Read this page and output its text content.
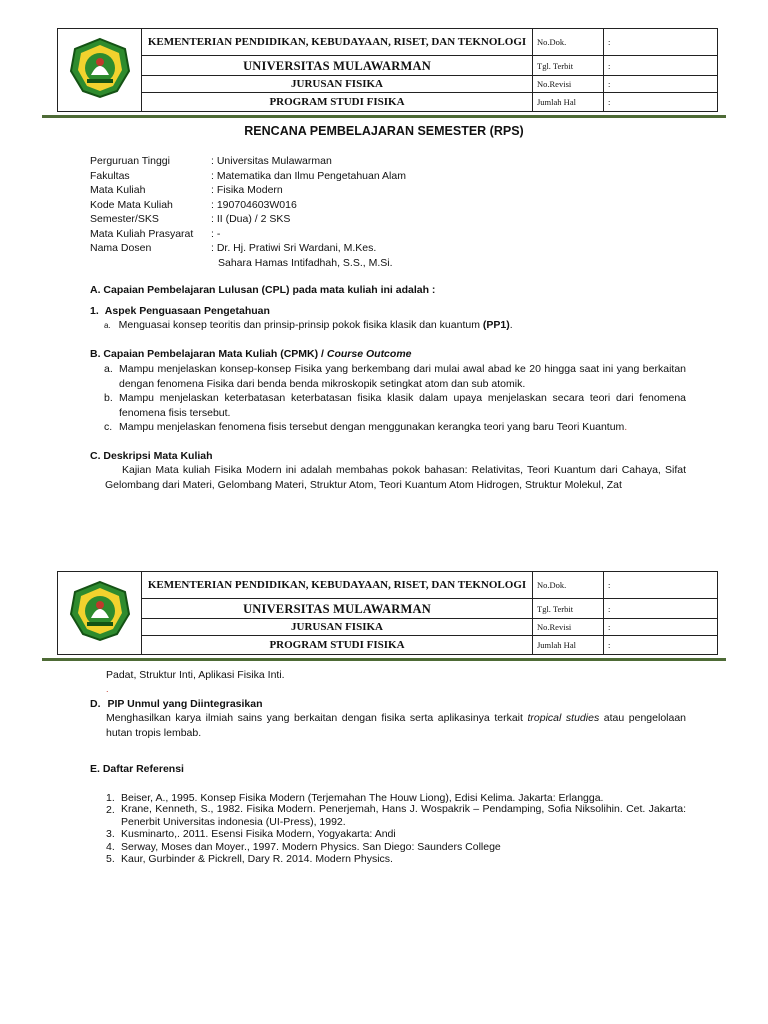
	KEMENTERIAN PENDIDIKAN, KEBUDAYAAN, RISET, DAN TEKNOLOGI	No.Dok.	:
	UNIVERSITAS MULAWARMAN	Tgl. Terbit	:
	JURUSAN FISIKA	No.Revisi	:
	PROGRAM STUDI FISIKA	Jumlah Hal	:
RENCANA PEMBELAJARAN SEMESTER (RPS)
Perguruan Tinggi	: Universitas Mulawarman
Fakultas	: Matematika dan Ilmu Pengetahuan Alam
Mata Kuliah	: Fisika Modern
Kode Mata Kuliah	: 190704603W016
Semester/SKS	: II (Dua) / 2 SKS
Mata Kuliah Prasyarat : -
Nama Dosen	: Dr. Hj. Pratiwi Sri Wardani, M.Kes.
Sahara Hamas Intifadhah, S.S., M.Si.
A. Capaian Pembelajaran Lulusan (CPL) pada mata kuliah ini adalah :
1. Aspek Penguasaan Pengetahuan
a. Menguasai konsep teoritis dan prinsip-prinsip pokok fisika klasik dan kuantum (PP1).
B. Capaian Pembelajaran Mata Kuliah (CPMK) / Course Outcome
a. Mampu menjelaskan konsep-konsep Fisika yang berkembang dari mulai awal abad ke 20 hingga saat ini yang berkaitan dengan fenomena Fisika dari benda benda mikroskopik setingkat atom dan sub atomik.
b. Mampu menjelaskan keterbatasan keterbatasan fisika klasik dalam upaya menjelaskan secara teori dari fenomena fenomena fisis tersebut.
c. Mampu menjelaskan fenomena fisis tersebut dengan menggunakan kerangka teori yang baru Teori Kuantum.
C. Deskripsi Mata Kuliah
Kajian Mata kuliah Fisika Modern ini adalah membahas pokok bahasan: Relativitas, Teori Kuantum dari Cahaya, Sifat Gelombang dari Materi, Gelombang Materi, Struktur Atom, Teori Kuantum Atom Hidrogen, Struktur Molekul, Zat
	KEMENTERIAN PENDIDIKAN, KEBUDAYAAN, RISET, DAN TEKNOLOGI	No.Dok.	:
	UNIVERSITAS MULAWARMAN	Tgl. Terbit	:
	JURUSAN FISIKA	No.Revisi	:
	PROGRAM STUDI FISIKA	Jumlah Hal	:
Padat, Struktur Inti, Aplikasi Fisika Inti.
.
D. PIP Unmul yang Diintegrasikan
Menghasilkan karya ilmiah sains yang berkaitan dengan fisika serta aplikasinya terkait tropical studies atau pengelolaan hutan tropis lembab.
E. Daftar Referensi
1. Beiser, A., 1995. Konsep Fisika Modern (Terjemahan The Houw Liong), Edisi Kelima. Jakarta: Erlangga.
2. Krane, Kenneth, S., 1982. Fisika Modern. Penerjemah, Hans J. Wospakrik – Pendamping, Sofia Niksolihin. Cet. Jakarta: Penerbit Universitas indonesia (UI-Press), 1992.
3. Kusminarto,. 2011. Esensi Fisika Modern, Yogyakarta: Andi
4. Serway, Moses dan Moyer., 1997. Modern Physics. San Diego: Saunders College
5. Kaur, Gurbinder & Pickrell, Dary R. 2014. Modern Physics.
